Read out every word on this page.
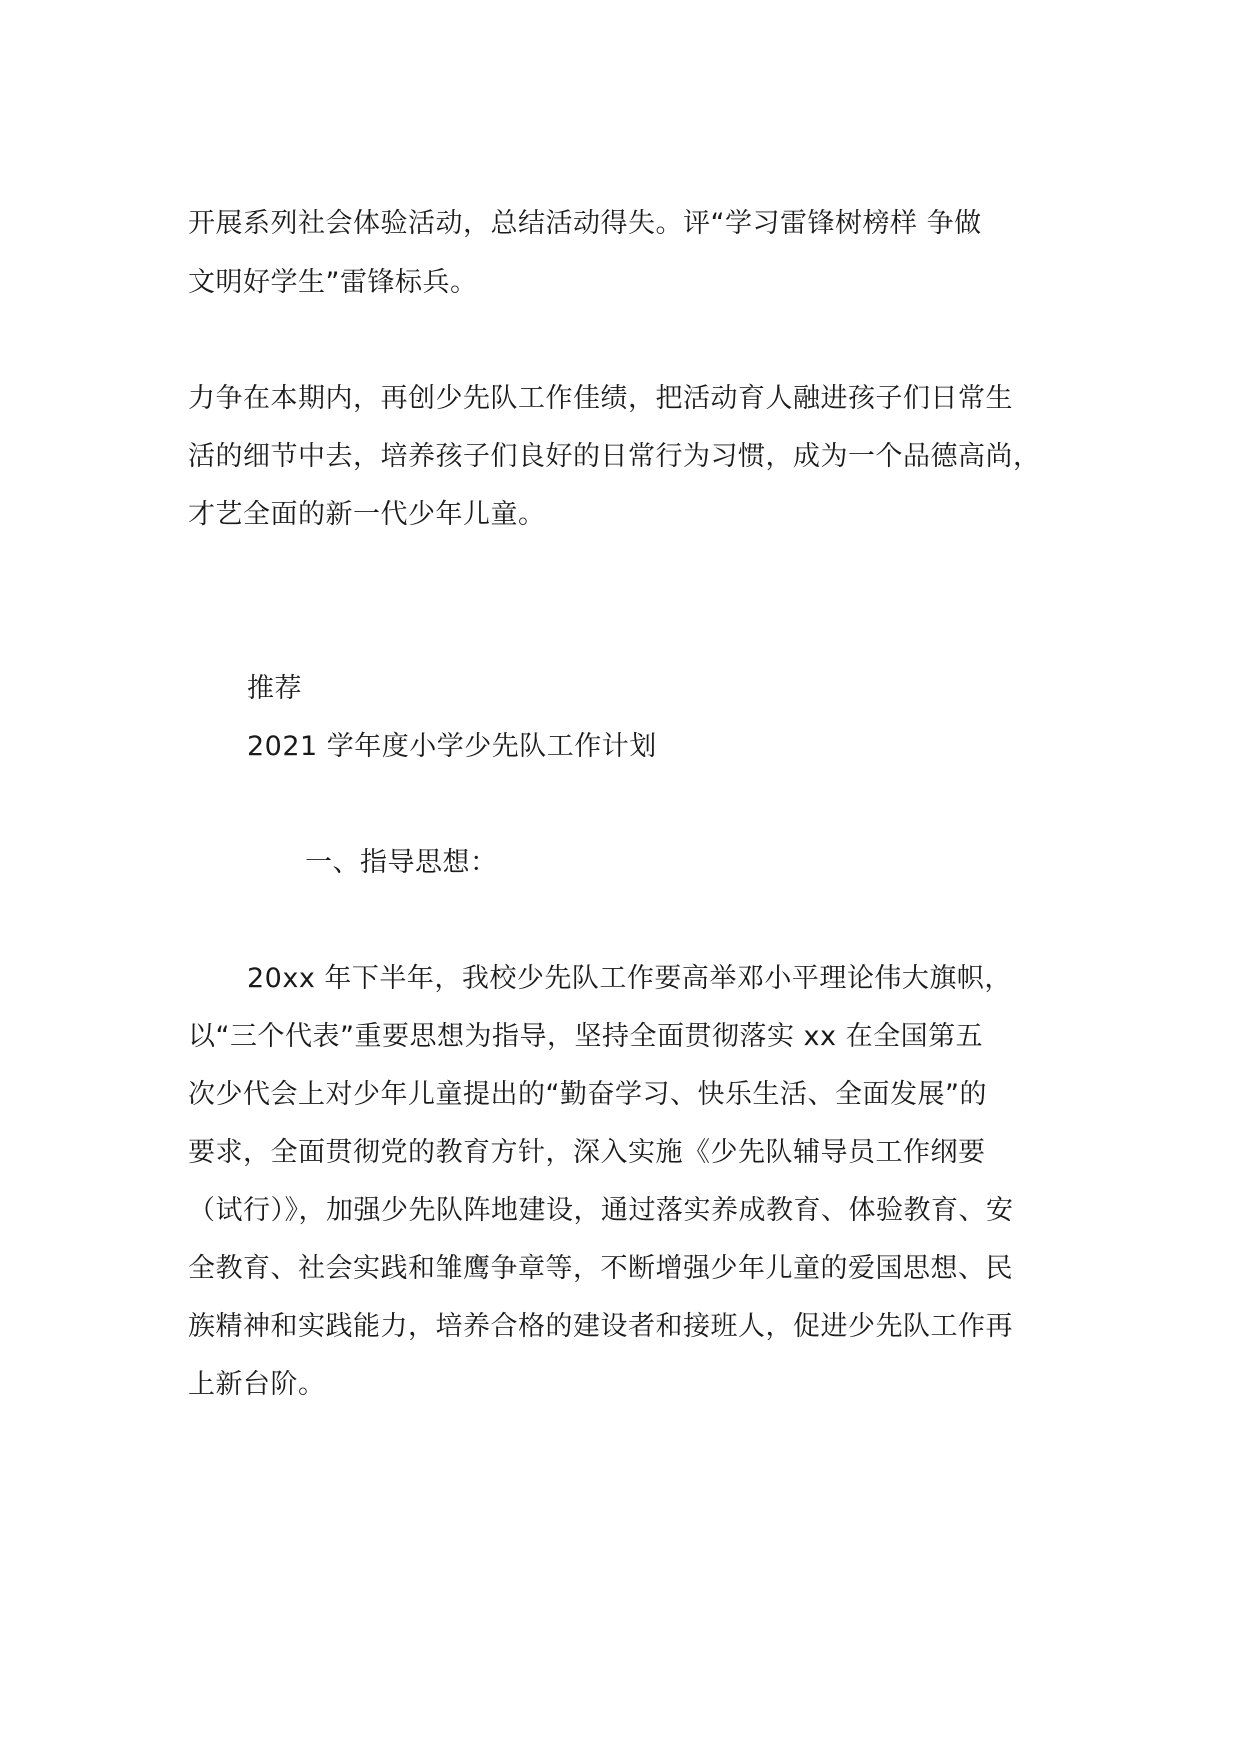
开展系列社会体验活动，总结活动得失。评“学习雷锋树榜样 争做
文明好学生”雷锋标兵。
力争在本期内，再创少先队工作佳绩，把活动育人融进孩子们日常生
活的细节中去，培养孩子们良好的日常行为习惯，成为一个品德高尚，
才艺全面的新一代少年儿童。
推荐
2021 学年度小学少先队工作计划
一、指导思想：
20xx 年下半年，我校少先队工作要高举邓小平理论伟大旗帜，
以“三个代表”重要思想为指导，坚持全面贯彻落实 xx 在全国第五
次少代会上对少年儿童提出的“勤奋学习、快乐生活、全面发展”的
要求，全面贯彻党的教育方针，深入实施《少先队辅导员工作纲要
（试行）》，加强少先队阵地建设，通过落实养成教育、体验教育、安
全教育、社会实践和雏鹰争章等，不断增强少年儿童的爱国思想、民
族精神和实践能力，培养合格的建设者和接班人，促进少先队工作再
上新台阶。
